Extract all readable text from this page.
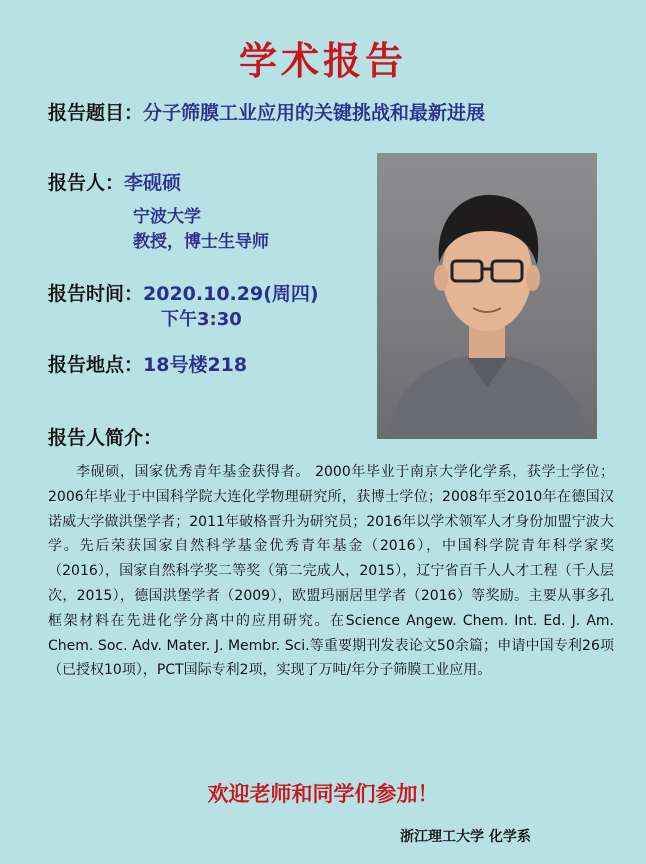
学术报告
报告题目：分子筛膜工业应用的关键挑战和最新进展
报告人：李砚硕
宁波大学
教授，博士生导师
报告时间：2020.10.29(周四)
下午3:30
报告地点：18号楼218
报告人简介：

李砚硕，国家优秀青年基金获得者。 2000年毕业于南京大学化学系，获学士学位；2006年毕业于中国科学院大连化学物理研究所，获博士学位；2008年至2010年在德国汉诺威大学做洪堡学者；2011年破格晋升为研究员；2016年以学术领军人才身份加盟宁波大学。先后荣获国家自然科学基金优秀青年基金（2016），中国科学院青年科学家奖（2016），国家自然科学奖二等奖（第二完成人，2015），辽宁省百千人人才工程（千人层次，2015），德国洪堡学者（2009），欧盟玛丽居里学者（2016）等奖励。主要从事多孔框架材料在先进化学分离中的应用研究。在Science Angew. Chem. Int. Ed. J. Am. Chem. Soc. Adv. Mater. J. Membr. Sci.等重要期刊发表论文50余篇；申请中国专利26项（已授权10项），PCT国际专利2项，实现了万吨/年分子筛膜工业应用。

欢迎老师和同学们参加！
浙江理工大学 化学系
